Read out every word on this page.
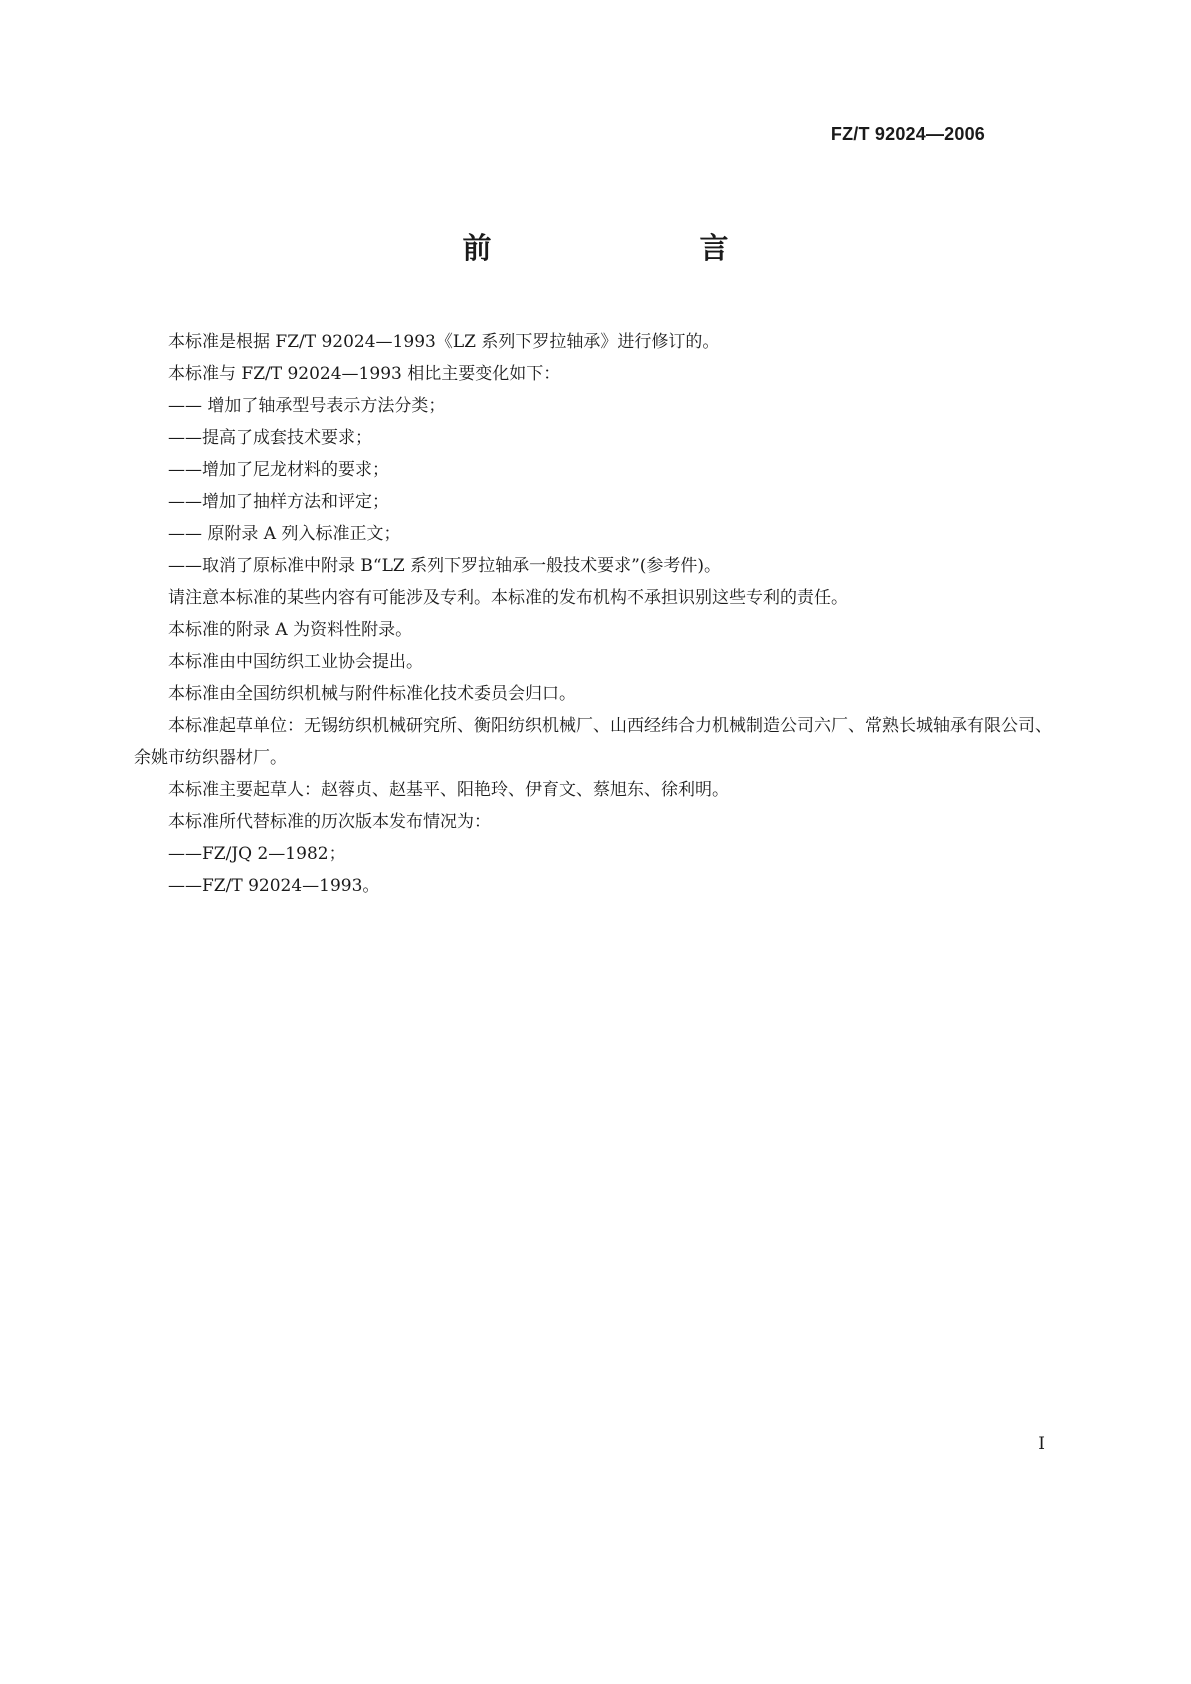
FZ/T 92024—2006
前　　言

本标准是根据 FZ/T 92024—1993《LZ 系列下罗拉轴承》进行修订的。

本标准与 FZ/T 92024—1993 相比主要变化如下：

—— 增加了轴承型号表示方法分类；

——提高了成套技术要求；

——增加了尼龙材料的要求；

——增加了抽样方法和评定；

—— 原附录 A 列入标准正文；

——取消了原标准中附录 B“LZ 系列下罗拉轴承一般技术要求”(参考件)。

请注意本标准的某些内容有可能涉及专利。本标准的发布机构不承担识别这些专利的责任。

本标准的附录 A 为资料性附录。

本标准由中国纺织工业协会提出。

本标准由全国纺织机械与附件标准化技术委员会归口。

本标准起草单位：无锡纺织机械研究所、衡阳纺织机械厂、山西经纬合力机械制造公司六厂、常熟长城轴承有限公司、余姚市纺织器材厂。

本标准主要起草人：赵蓉贞、赵基平、阳艳玲、伊育文、蔡旭东、徐利明。

本标准所代替标准的历次版本发布情况为：

——FZ/JQ 2—1982；

——FZ/T 92024—1993。

I
